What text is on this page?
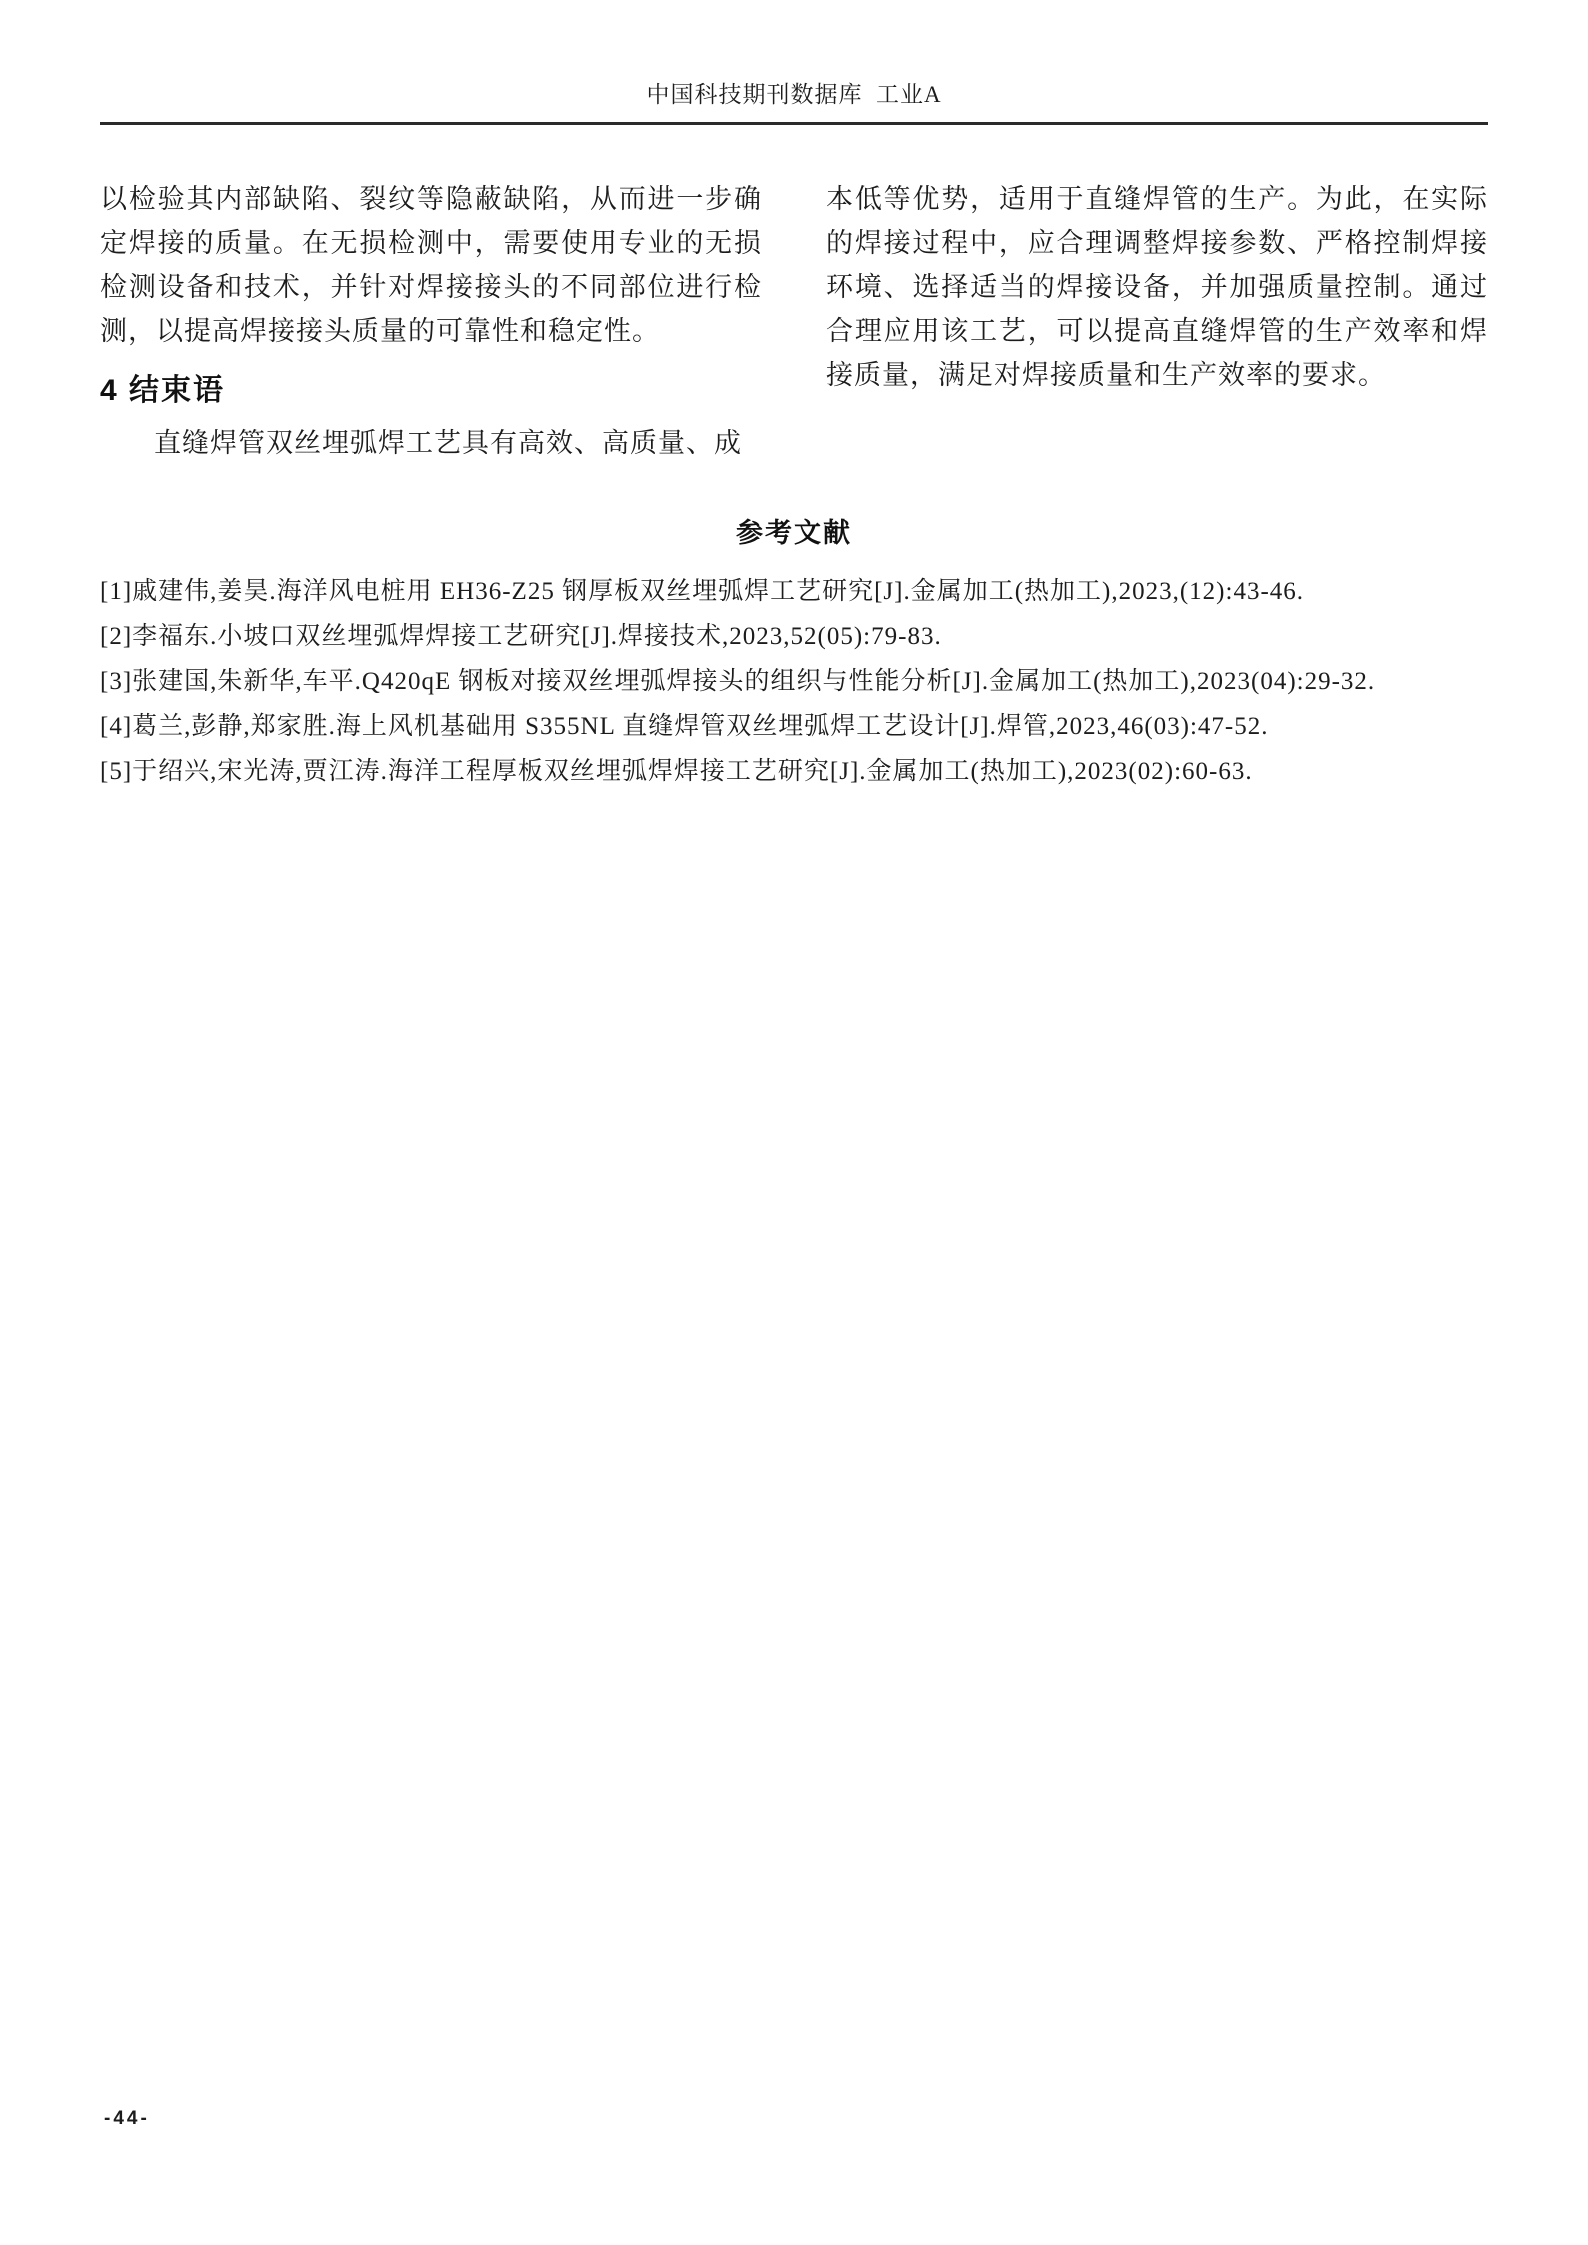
中国科技期刊数据库  工业A

以检验其内部缺陷、裂纹等隐蔽缺陷，从而进一步确定焊接的质量。在无损检测中，需要使用专业的无损检测设备和技术，并针对焊接接头的不同部位进行检测，以提高焊接接头质量的可靠性和稳定性。

4 结束语

直缝焊管双丝埋弧焊工艺具有高效、高质量、成

本低等优势，适用于直缝焊管的生产。为此，在实际的焊接过程中，应合理调整焊接参数、严格控制焊接环境、选择适当的焊接设备，并加强质量控制。通过合理应用该工艺，可以提高直缝焊管的生产效率和焊接质量，满足对焊接质量和生产效率的要求。

参考文献

[1]戚建伟,姜昊.海洋风电桩用 EH36-Z25 钢厚板双丝埋弧焊工艺研究[J].金属加工(热加工),2023,(12):43-46.

[2]李福东.小坡口双丝埋弧焊焊接工艺研究[J].焊接技术,2023,52(05):79-83.

[3]张建国,朱新华,车平.Q420qE 钢板对接双丝埋弧焊接头的组织与性能分析[J].金属加工(热加工),2023(04):29-32.

[4]葛兰,彭静,郑家胜.海上风机基础用 S355NL 直缝焊管双丝埋弧焊工艺设计[J].焊管,2023,46(03):47-52.

[5]于绍兴,宋光涛,贾江涛.海洋工程厚板双丝埋弧焊焊接工艺研究[J].金属加工(热加工),2023(02):60-63.

-44-
